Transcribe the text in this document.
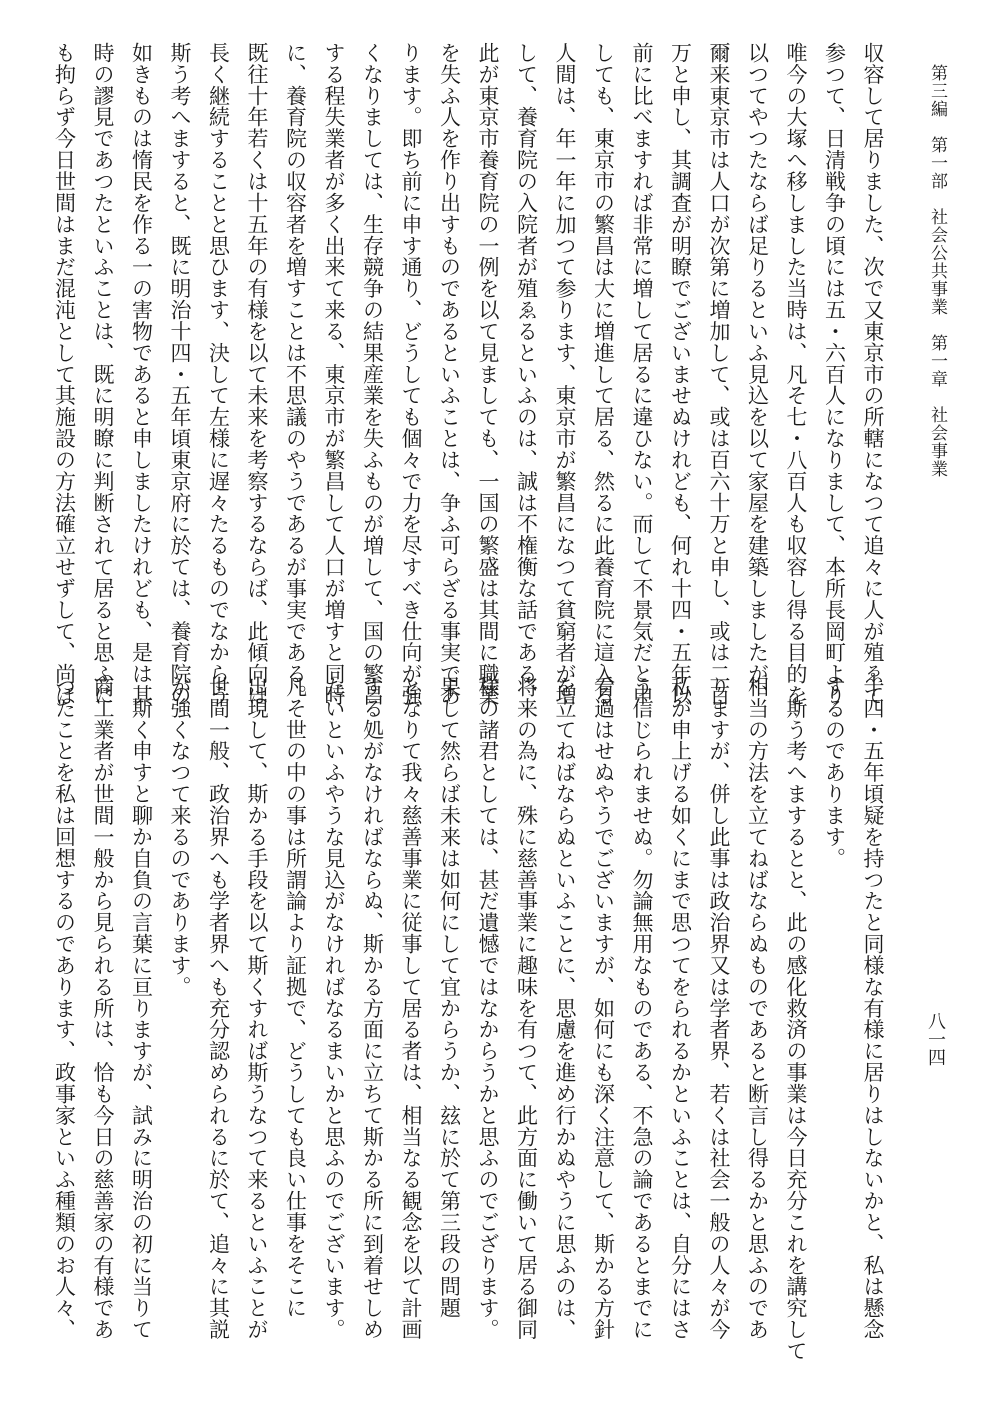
第三編　第一部　社会公共事業　第一章　社会事業
八一四
収容して居りました、次で又東京市の所轄になつて追々に人が殖ゑて
参つて、日清戦争の頃には五・六百人になりまして、本所長岡町より
唯今の大塚へ移しました当時は、凡そ七・八百人も収容し得る目的を
以つてやつたならば足りるといふ見込を以て家屋を建築しましたが、
爾来東京市は人口が次第に増加して、或は百六十万と申し、或は二百
万と申し、其調査が明瞭でございませぬけれども、何れ十四・五年以
前に比べますれば非常に増して居るに違ひない。而して不景気だと申
しても、東京市の繁昌は大に増進して居る、然るに此養育院に這入る
人間は、年一年に加つて参ります、東京市が繁昌になつて貧窮者が増
して、養育院の入院者が殖ゑるといふのは、誠は不権衡な話である、
此が東京市養育院の一例を以て見ましても、一国の繁盛は其間に職業
を失ふ人を作り出すものであるといふことは、争ふ可らざる事実であ
ります。即ち前に申す通り、どうしても個々で力を尽すべき仕向が強
くなりましては、生存競争の結果産業を失ふものが増して、国の繁昌
する程失業者が多く出来て来る、東京市が繁昌して人口が増すと同時
に、養育院の収容者を増すことは不思議のやうであるが事実である。
既往十年若くは十五年の有様を以て未来を考察するならば、此傾向は
長く継続することと思ひます、決して左様に遅々たるものでなからう
斯う考へますると、既に明治十四・五年頃東京府に於ては、養育院の
如きものは惰民を作る一の害物であると申しましたけれども、是は其
時の謬見であつたといふことは、既に明瞭に判断されて居ると思ふに
も拘らず今日世間はまだ混沌として其施設の方法確立せずして、尚ほ
十四・五年頃疑を持つたと同様な有様に居りはしないかと、私は懸念
するのであります。
　斯う考へまするとと、此の感化救済の事業は今日充分これを講究して
相当の方法を立てねばならぬものであると断言し得るかと思ふのであ
りますが、併し此事は政治界又は学者界、若くは社会一般の人々が今
私が申上げる如くにまで思つてをられるかといふことは、自分にはさ
う信じられませぬ。勿論無用なものである、不急の論であるとまでに
看過はせぬやうでございますが、如何にも深く注意して、斯かる方針
を立てねばならぬといふことに、思慮を進め行かぬやうに思ふのは、
将来の為に、殊に慈善事業に趣味を有つて、此方面に働いて居る御同
様の諸君としては、甚だ遺憾ではなからうかと思ふのでござります。
果して然らば未来は如何にして宜からうか、玆に於て第三段の問題
となりて我々慈善事業に従事して居る者は、相当なる観念を以て計画
する処がなければならぬ、斯かる方面に立ちて斯かる所に到着せしめ
たいといふやうな見込がなければなるまいかと思ふのでございます。
凡そ世の中の事は所謂論より証拠で、どうしても良い仕事をそこに
出現して、斯かる手段を以て斯くすれば斯うなつて来るといふことが
世間一般、政治界へも学者界へも充分認められるに於て、追々に其説
が強くなつて来るのであります。
　斯く申すと聊か自負の言葉に亘りますが、試みに明治の初に当りて
商工業者が世間一般から見られる所は、恰も今日の慈善家の有様であ
つたことを私は回想するのであります、政事家といふ種類のお人々、
